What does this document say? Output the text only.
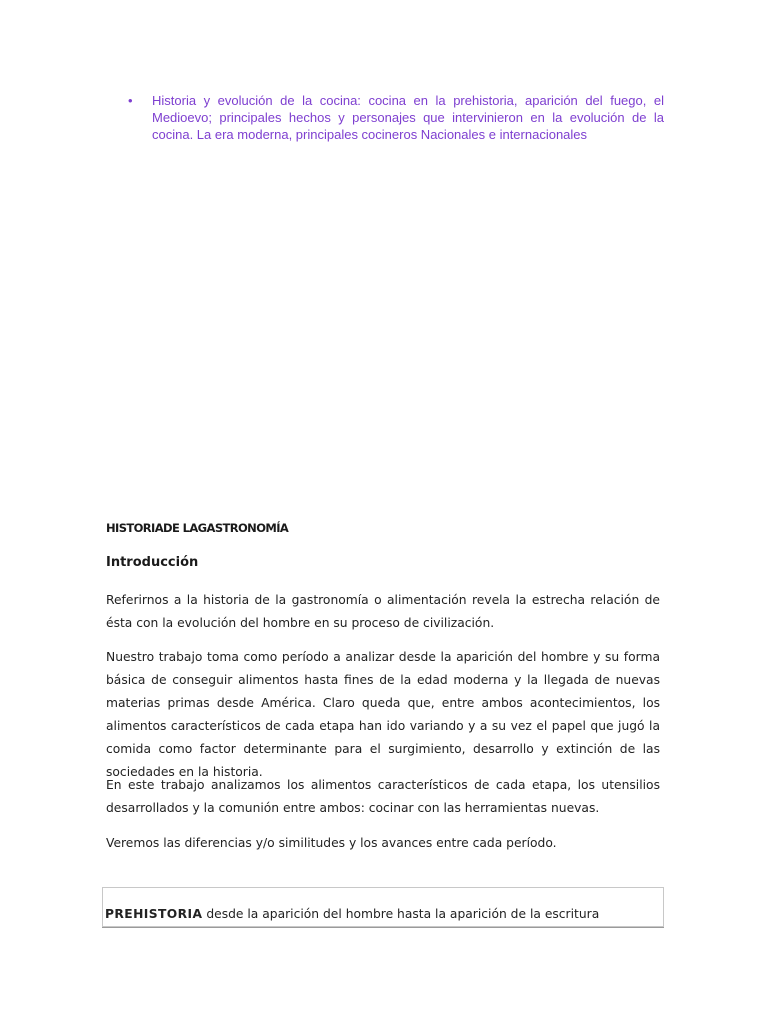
• Historia y evolución de la cocina: cocina en la prehistoria, aparición del fuego, el Medioevo; principales hechos y personajes que intervinieron en la evolución de la cocina. La era moderna, principales cocineros Nacionales e internacionales

HISTORIADE LAGASTRONOMÍA

Introducción

Referirnos a la historia de la gastronomía o alimentación revela la estrecha relación de ésta con la evolución del hombre en su proceso de civilización.

Nuestro trabajo toma como período a analizar desde la aparición del hombre y su forma básica de conseguir alimentos hasta fines de la edad moderna y la llegada de nuevas materias primas desde América. Claro queda que, entre ambos acontecimientos, los alimentos característicos de cada etapa han ido variando y a su vez el papel que jugó la comida como factor determinante para el surgimiento, desarrollo y extinción de las sociedades en la historia.

En este trabajo analizamos los alimentos característicos de cada etapa, los utensilios desarrollados y la comunión entre ambos: cocinar con las herramientas nuevas.

Veremos las diferencias y/o similitudes y los avances entre cada período.

PREHISTORIA desde la aparición del hombre hasta la aparición de la escritura
